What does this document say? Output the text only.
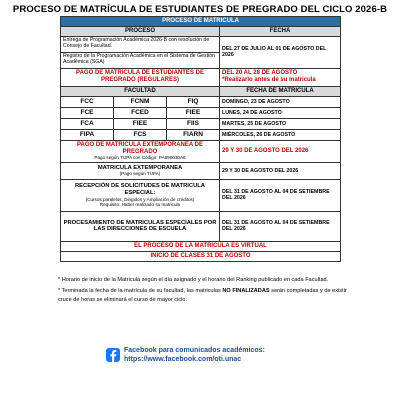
PROCESO DE MATRÍCULA DE ESTUDIANTES DE PREGRADO DEL CICLO 2026-B
PROCESO DE MATRICULA			
PROCESO			FECHA
Entrega de Programación Académica 2026-B con resolución de Consejo de Facultad.			DEL 27 DE JULIO AL 01 DE AGOSTO DEL 2026
Registro de la Programación Académica en el Sistema de Gestión Académica (SGA)			
PAGO DE MATRÍCULA DE ESTUDIANTES DE PREGRADO (REGULARES)			DEL 20 AL 28 DE AGOSTO
*Realizarlo antes de su matricula

FACULTAD			FECHA DE MATRICULA
FCC	FCNM	FIQ	DOMINGO, 23 DE AGOSTO
FCE	FCED	FIEE	LUNES, 24 DE AGOSTO
FCA	FIEE	FIIS	MARTES, 25 DE AGOSTO
FIPA	FCS	FIARN	MIÉRCOLES, 26 DE AGOSTO

PAGO DE MATRICULA EXTEMPORANEA DE PREGRADO
Pago según TUPA con Código: PA690030A6			29 Y 30 DE AGOSTO DEL 2026

MATRICULA EXTEMPORANEA
(Pago según TUPA)			29 Y 30 DE AGOSTO DEL 2026

RECEPCIÓN DE SOLICITUDES DE MATRICULA ESPECIAL:
(Cursos paralelos, Dirigidos y Ampliación de créditos)
Requisito: Haber realizado su matricula			DEL 31 DE AGOSTO AL 04 DE SETIEMBRE DEL 2026
PROCESAMIENTO DE MATRICULAS ESPECIALES POR LAS DIRECCIONES DE ESCUELA			DEL 31 DE AGOSTO AL 04 DE SETIEMBRE DEL 2026
EL PROCESO DE LA MATRICULA ES VIRTUAL			
INICIO DE CLASES 31 DE AGOSTO			

* Horario de inicio de la Matricula según el día asignado y el horario del Ranking publicado en cada Facultad.

* Terminada la fecha de la matrícula de su facultad, las matriculas NO FINALIZADAS serán completadas y de existir cruce de horas se eliminará el curso de mayor ciclo.

Facebook para comunicados académicos:
https://www.facebook.com/oti.unac
